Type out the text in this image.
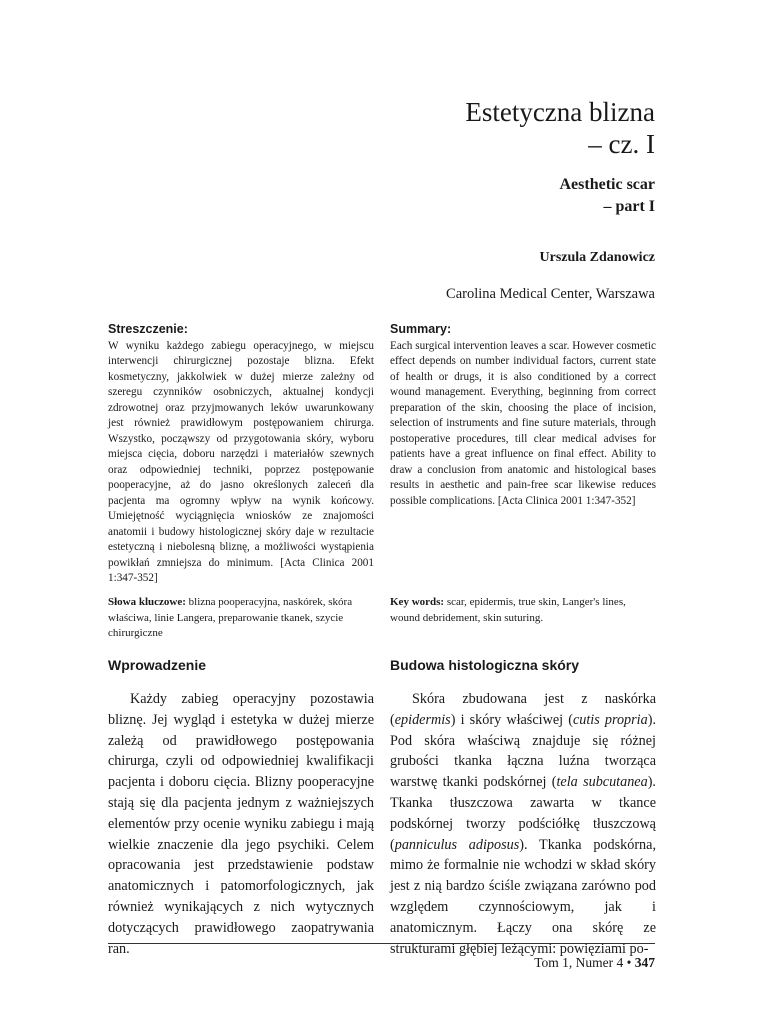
Estetyczna blizna
– cz. I
Aesthetic scar
– part I
Urszula Zdanowicz
Carolina Medical Center, Warszawa
Streszczenie:
W wyniku każdego zabiegu operacyjnego, w miejscu interwencji chirurgicznej pozostaje blizna. Efekt kosmetyczny, jakkolwiek w dużej mierze zależny od szeregu czynników osobniczych, aktualnej kondycji zdrowotnej oraz przyjmowanych leków uwarunkowany jest również prawidłowym postępowaniem chirurga. Wszystko, począwszy od przygotowania skóry, wyboru miejsca cięcia, doboru narzędzi i materiałów szewnych oraz odpowiedniej techniki, poprzez postępowanie pooperacyjne, aż do jasno określonych zaleceń dla pacjenta ma ogromny wpływ na wynik końcowy. Umiejętność wyciągnięcia wniosków ze znajomości anatomii i budowy histologicznej skóry daje w rezultacie estetyczną i niebolesną bliznę, a możliwości wystąpienia powikłań zmniejsza do minimum. [Acta Clinica 2001 1:347-352]
Summary:
Each surgical intervention leaves a scar. However cosmetic effect depends on number individual factors, current state of health or drugs, it is also conditioned by a correct wound management. Everything, beginning from correct preparation of the skin, choosing the place of incision, selection of instruments and fine suture materials, through postoperative procedures, till clear medical advises for patients have a great influence on final effect. Ability to draw a conclusion from anatomic and histological bases results in aesthetic and pain-free scar likewise reduces possible complications. [Acta Clinica 2001 1:347-352]
Słowa kluczowe: blizna pooperacyjna, naskórek, skóra właściwa, linie Langera, preparowanie tkanek, szycie chirurgiczne
Key words: scar, epidermis, true skin, Langer's lines, wound debridement, skin suturing.
Wprowadzenie	Budowa histologiczna skóry

Każdy zabieg operacyjny pozostawia bliznę. Jej wygląd i estetyka w dużej mierze zależą od prawidłowego postępowania chirurga, czyli od odpowiedniej kwalifikacji pacjenta i doboru cięcia. Blizny pooperacyjne stają się dla pacjenta jednym z ważniejszych elementów przy ocenie wyniku zabiegu i mają wielkie znaczenie dla jego psychiki. Celem opracowania jest przedstawienie podstaw anatomicznych i patomorfologicznych, jak również wynikających z nich wytycznych dotyczących prawidłowego zaopatrywania ran.

Skóra zbudowana jest z naskórka (epidermis) i skóry właściwej (cutis propria). Pod skóra właściwą znajduje się różnej grubości tkanka łączna luźna tworząca warstwę tkanki podskórnej (tela subcutanea). Tkanka tłuszczowa zawarta w tkance podskórnej tworzy podściółkę tłuszczową (panniculus adiposus). Tkanka podskórna, mimo że formalnie nie wchodzi w skład skóry jest z nią bardzo ściśle związana zarówno pod względem czynnościowym, jak i anatomicznym. Łączy ona skórę ze strukturami głębiej leżącymi: powięziami po-

Tom 1, Numer 4 • 347
